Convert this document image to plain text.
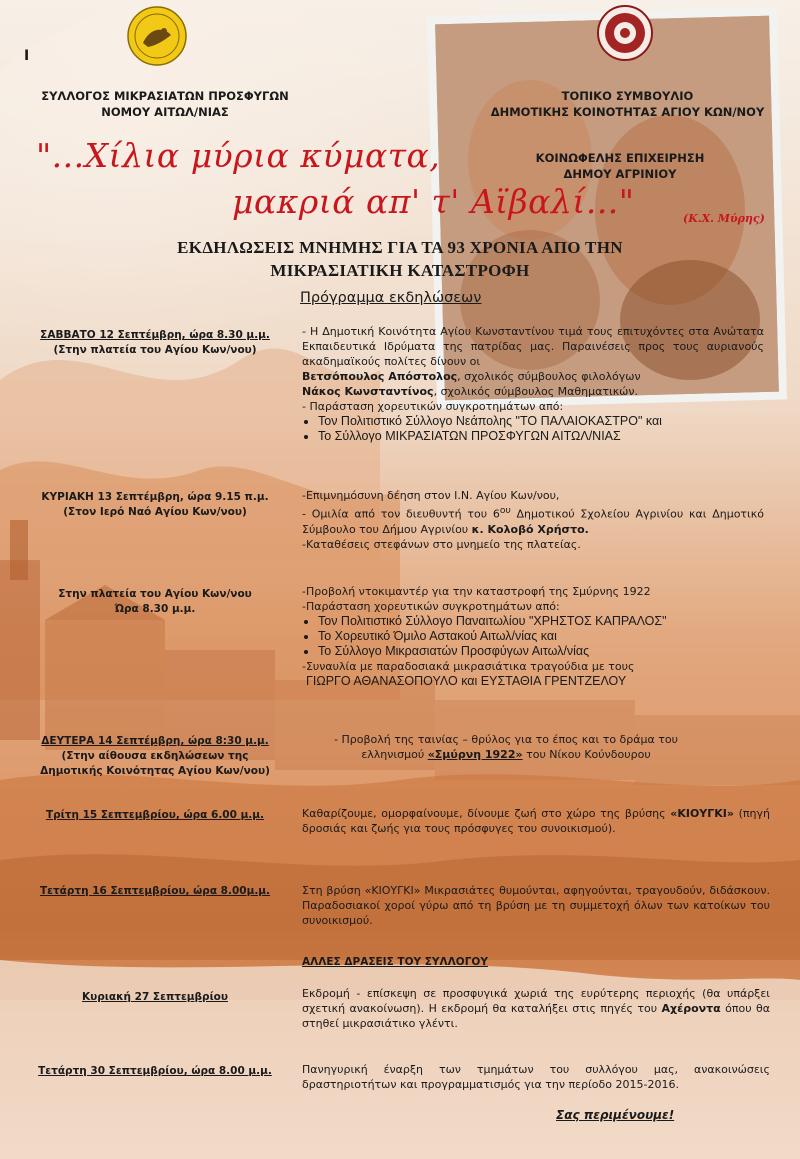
I
ΣΥΛΛΟΓΟΣ ΜΙΚΡΑΣΙΑΤΩΝ ΠΡΟΣΦΥΓΩΝ
ΝΟΜΟΥ ΑΙΤΩΛ/ΝΙΑΣ
ΤΟΠΙΚΟ ΣΥΜΒΟΥΛΙΟ
ΔΗΜΟΤΙΚΗΣ ΚΟΙΝΟΤΗΤΑΣ ΑΓΙΟΥ ΚΩΝ/ΝΟΥ
ΚΟΙΝΩΦΕΛΗΣ ΕΠΙΧΕΙΡΗΣΗ
ΔΗΜΟΥ ΑΓΡΙΝΙΟΥ
"...Χίλια μύρια κύματα,
μακριά απ' τ' Αϊβαλί..."	(Κ.Χ. Μύρης)
ΕΚΔΗΛΩΣΕΙΣ ΜΝΗΜΗΣ ΓΙΑ ΤΑ 93 ΧΡΟΝΙΑ ΑΠΟ ΤΗΝ
ΜΙΚΡΑΣΙΑΤΙΚΗ ΚΑΤΑΣΤΡΟΦΗ
Πρόγραμμα εκδηλώσεων
ΣΑΒΒΑΤΟ 12 Σεπτέμβρη, ώρα 8.30 μ.μ.
(Στην πλατεία του Αγίου Κων/νου)
- Η Δημοτική Κοινότητα Αγίου Κωνσταντίνου τιμά τους επιτυχόντες στα Ανώτατα Εκπαιδευτικά Ιδρύματα της πατρίδας μας. Παραινέσεις προς τους αυριανούς ακαδημαϊκούς πολίτες δίνουν οι
Βετσόπουλος Απόστολος, σχολικός σύμβουλος φιλολόγων
Νάκος Κωνσταντίνος, σχολικός σύμβουλος Μαθηματικών.
- Παράσταση χορευτικών συγκροτημάτων από:
• Τον Πολιτιστικό Σύλλογο Νεάπολης "ΤΟ ΠΑΛΑΙΟΚΑΣΤΡΟ" και
• Το Σύλλογο ΜΙΚΡΑΣΙΑΤΩΝ ΠΡΟΣΦΥΓΩΝ ΑΙΤΩΛ/ΝΙΑΣ
ΚΥΡΙΑΚΗ 13 Σεπτέμβρη, ώρα 9.15 π.μ.
(Στον Ιερό Ναό Αγίου Κων/νου)
-Επιμνημόσυνη δέηση στον Ι.Ν. Αγίου Κων/νου,
- Ομιλία από τον διευθυντή του $6^{o\upsilon}$ Δημοτικού Σχολείου Αγρινίου και Δημοτικό Σύμβουλο του Δήμου Αγρινίου κ. Κολοβό Χρήστο.
-Καταθέσεις στεφάνων στο μνημείο της πλατείας.
Στην πλατεία του Αγίου Κων/νου
Ώρα 8.30 μ.μ.
-Προβολή ντοκιμαντέρ για την καταστροφή της Σμύρνης 1922
-Παράσταση χορευτικών συγκροτημάτων από:
• Τον Πολιτιστικό Σύλλογο Παναιτωλίου "ΧΡΗΣΤΟΣ ΚΑΠΡΑΛΟΣ"
• Το Χορευτικό Όμιλο Αστακού Αιτωλ/νίας και
• Το Σύλλογο Μικρασιατών Προσφύγων Αιτωλ/νίας
-Συναυλία με παραδοσιακά μικρασιάτικα τραγούδια με τους
ΓΙΩΡΓΟ ΑΘΑΝΑΣΟΠΟΥΛΟ και ΕΥΣΤΑΘΙΑ ΓΡΕΝΤΖΕΛΟΥ
ΔΕΥΤΕΡΑ 14 Σεπτέμβρη, ώρα 8:30 μ.μ.
(Στην αίθουσα εκδηλώσεων της
Δημοτικής Κοινότητας Αγίου Κων/νου)
- Προβολή της ταινίας – θρύλος για το έπος και το δράμα του ελληνισμού «Σμύρνη 1922» του Νίκου Κούνδουρου
Τρίτη 15 Σεπτεμβρίου, ώρα 6.00 μ.μ.	Καθαρίζουμε, ομορφαίνουμε, δίνουμε ζωή στο χώρο της βρύσης «ΚΙΟΥΓΚΙ» (πηγή δροσιάς και ζωής για τους πρόσφυγες του συνοικισμού).
Τετάρτη 16 Σεπτεμβρίου, ώρα 8.00μ.μ.	Στη βρύση «ΚΙΟΥΓΚΙ» Μικρασιάτες θυμούνται, αφηγούνται, τραγουδούν, διδάσκουν. Παραδοσιακοί χοροί γύρω από τη βρύση με τη συμμετοχή όλων των κατοίκων του συνοικισμού.
ΑΛΛΕΣ ΔΡΑΣΕΙΣ ΤΟΥ ΣΥΛΛΟΓΟΥ
Κυριακή 27 Σεπτεμβρίου	Εκδρομή - επίσκεψη σε προσφυγικά χωριά της ευρύτερης περιοχής (θα υπάρξει σχετική ανακοίνωση). Η εκδρομή θα καταλήξει στις πηγές του Αχέροντα όπου θα στηθεί μικρασιάτικο γλέντι.
Τετάρτη 30 Σεπτεμβρίου, ώρα 8.00 μ.μ.	Πανηγυρική έναρξη των τμημάτων του συλλόγου μας, ανακοινώσεις δραστηριοτήτων και προγραμματισμός για την περίοδο 2015-2016.
Σας περιμένουμε!
